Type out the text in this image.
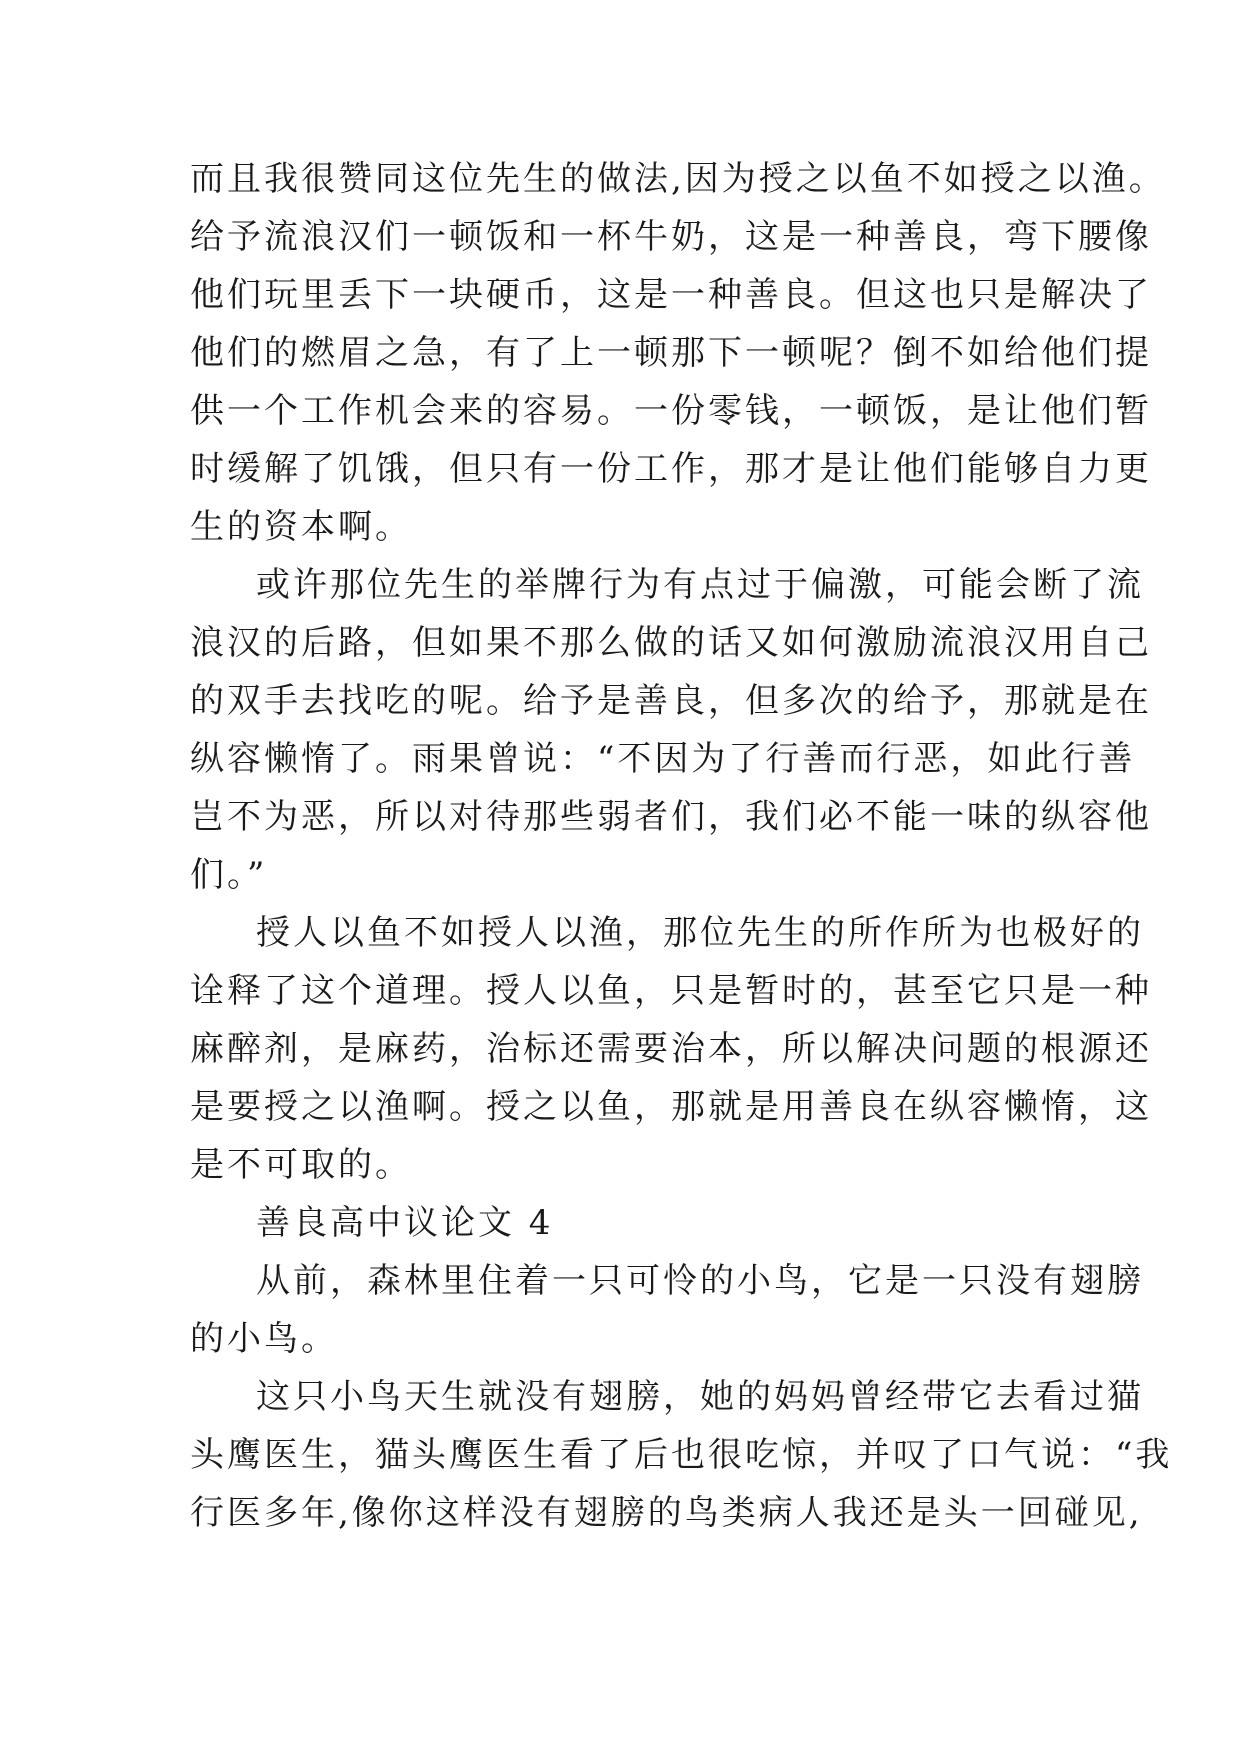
而且我很赞同这位先生的做法,因为授之以鱼不如授之以渔。
给予流浪汉们一顿饭和一杯牛奶，这是一种善良，弯下腰像
他们玩里丢下一块硬币，这是一种善良。但这也只是解决了
他们的燃眉之急，有了上一顿那下一顿呢？倒不如给他们提
供一个工作机会来的容易。一份零钱，一顿饭，是让他们暂
时缓解了饥饿，但只有一份工作，那才是让他们能够自力更
生的资本啊。
或许那位先生的举牌行为有点过于偏激，可能会断了流
浪汉的后路，但如果不那么做的话又如何激励流浪汉用自己
的双手去找吃的呢。给予是善良，但多次的给予，那就是在
纵容懒惰了。雨果曾说：“不因为了行善而行恶，如此行善
岂不为恶，所以对待那些弱者们，我们必不能一味的纵容他
们。”
授人以鱼不如授人以渔，那位先生的所作所为也极好的
诠释了这个道理。授人以鱼，只是暂时的，甚至它只是一种
麻醉剂，是麻药，治标还需要治本，所以解决问题的根源还
是要授之以渔啊。授之以鱼，那就是用善良在纵容懒惰，这
是不可取的。
善良高中议论文 4
从前，森林里住着一只可怜的小鸟，它是一只没有翅膀
的小鸟。
这只小鸟天生就没有翅膀，她的妈妈曾经带它去看过猫
头鹰医生，猫头鹰医生看了后也很吃惊，并叹了口气说：“我
行医多年,像你这样没有翅膀的鸟类病人我还是头一回碰见,
